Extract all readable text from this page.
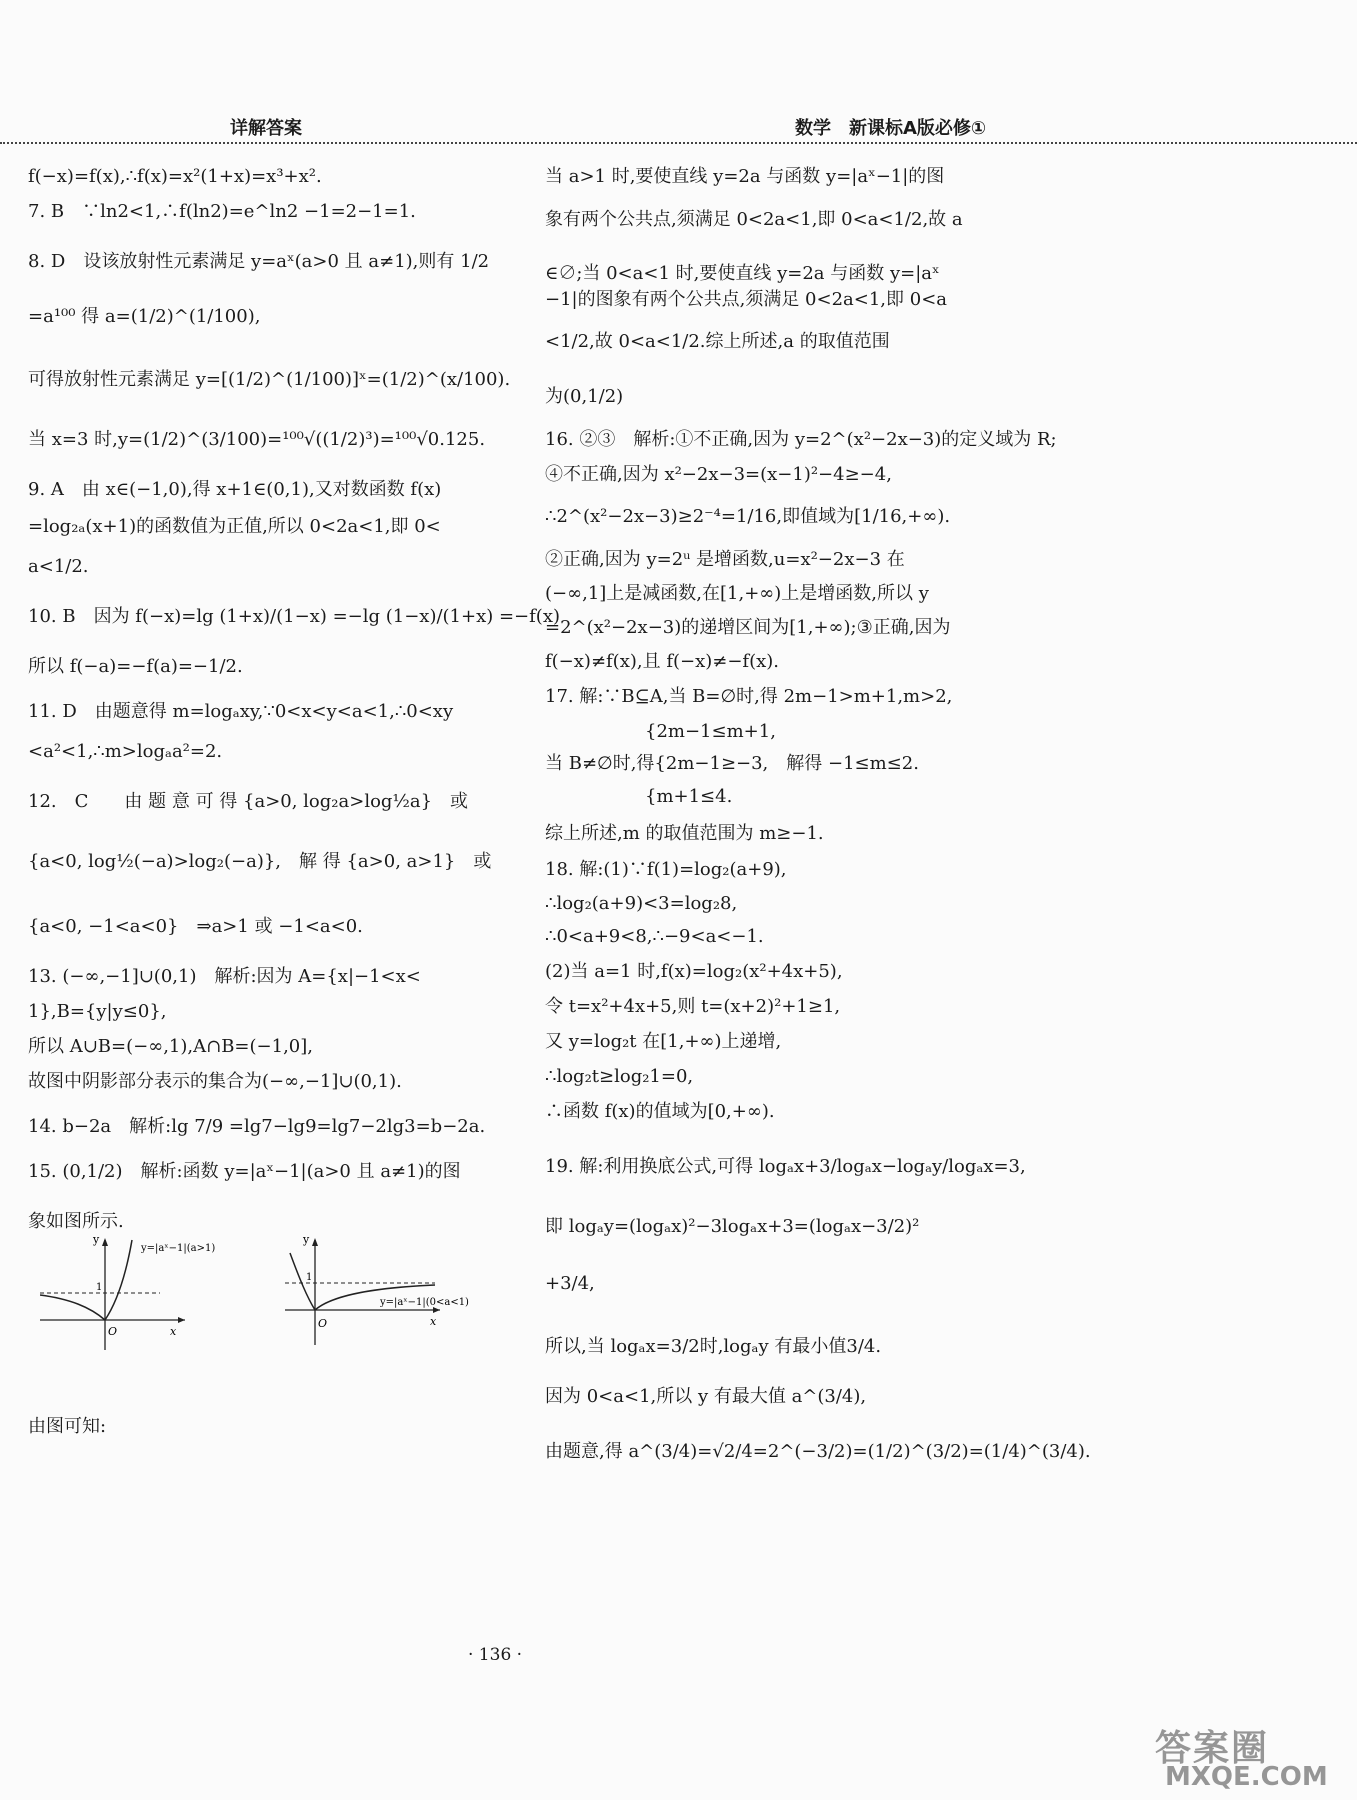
详解答案	数学　新课标A版必修①
f(−x)=f(x),∴f(x)=x²(1+x)=x³+x².
7. B　∵ln2<1,∴f(ln2)=e^ln2 −1=2−1=1.
8. D　设该放射性元素满足 y=aˣ(a>0 且 a≠1),则有 1/2
=a¹⁰⁰ 得 a=(1/2)^(1/100),
可得放射性元素满足 y=[(1/2)^(1/100)]ˣ=(1/2)^(x/100).
当 x=3 时,y=(1/2)^(3/100)=¹⁰⁰√((1/2)³)=¹⁰⁰√0.125.
9. A　由 x∈(−1,0),得 x+1∈(0,1),又对数函数 f(x)
=log₂ₐ(x+1)的函数值为正值,所以 0<2a<1,即 0<
a<1/2.
10. B　因为 f(−x)=lg (1+x)/(1−x) =−lg (1−x)/(1+x) =−f(x)
所以 f(−a)=−f(a)=−1/2.
11. D　由题意得 m=logₐxy,∵0<x<y<a<1,∴0<xy
<a²<1,∴m>logₐa²=2.
12.　C　　由 题 意 可 得 {a>0, log₂a>log½a}　或
{a<0, log½(−a)>log₂(−a)},　解 得 {a>0, a>1}　或
{a<0, −1<a<0}　⇒a>1 或 −1<a<0.
13. (−∞,−1]∪(0,1)　解析:因为 A={x|−1<x<
1},B={y|y≤0},
所以 A∪B=(−∞,1),A∩B=(−1,0],
故图中阴影部分表示的集合为(−∞,−1]∪(0,1).
14. b−2a　解析:lg 7/9 =lg7−lg9=lg7−2lg3=b−2a.
15. (0,1/2)　解析:函数 y=|aˣ−1|(a>0 且 a≠1)的图
象如图所示.
由图可知:
y
1
O	x
y=|aˣ−1|(a>1)
y
1
O	x
y=|aˣ−1|(0<a<1)
当 a>1 时,要使直线 y=2a 与函数 y=|aˣ−1|的图
象有两个公共点,须满足 0<2a<1,即 0<a<1/2,故 a
∈∅;当 0<a<1 时,要使直线 y=2a 与函数 y=|aˣ
−1|的图象有两个公共点,须满足 0<2a<1,即 0<a
<1/2,故 0<a<1/2.综上所述,a 的取值范围
为(0,1/2)
16. ②③　解析:①不正确,因为 y=2^(x²−2x−3)的定义域为 R;
④不正确,因为 x²−2x−3=(x−1)²−4≥−4,
∴2^(x²−2x−3)≥2⁻⁴=1/16,即值域为[1/16,+∞).
②正确,因为 y=2ᵘ 是增函数,u=x²−2x−3 在
(−∞,1]上是减函数,在[1,+∞)上是增函数,所以 y
=2^(x²−2x−3)的递增区间为[1,+∞);③正确,因为
f(−x)≠f(x),且 f(−x)≠−f(x).
17. 解:∵B⊆A,当 B=∅时,得 2m−1>m+1,m>2,
{2m−1≤m+1,
当 B≠∅时,得{2m−1≥−3,　解得 −1≤m≤2.
{m+1≤4.
综上所述,m 的取值范围为 m≥−1.
18. 解:(1)∵f(1)=log₂(a+9),
∴log₂(a+9)<3=log₂8,
∴0<a+9<8,∴−9<a<−1.
(2)当 a=1 时,f(x)=log₂(x²+4x+5),
令 t=x²+4x+5,则 t=(x+2)²+1≥1,
又 y=log₂t 在[1,+∞)上递增,
∴log₂t≥log₂1=0,
∴函数 f(x)的值域为[0,+∞).
19. 解:利用换底公式,可得 logₐx+3/logₐx−logₐy/logₐx=3,
即 logₐy=(logₐx)²−3logₐx+3=(logₐx−3/2)²
+3/4,
所以,当 logₐx=3/2时,logₐy 有最小值3/4.
因为 0<a<1,所以 y 有最大值 a^(3/4),
由题意,得 a^(3/4)=√2/4=2^(−3/2)=(1/2)^(3/2)=(1/4)^(3/4).
· 136 ·
答案圈
MXQE.COM
